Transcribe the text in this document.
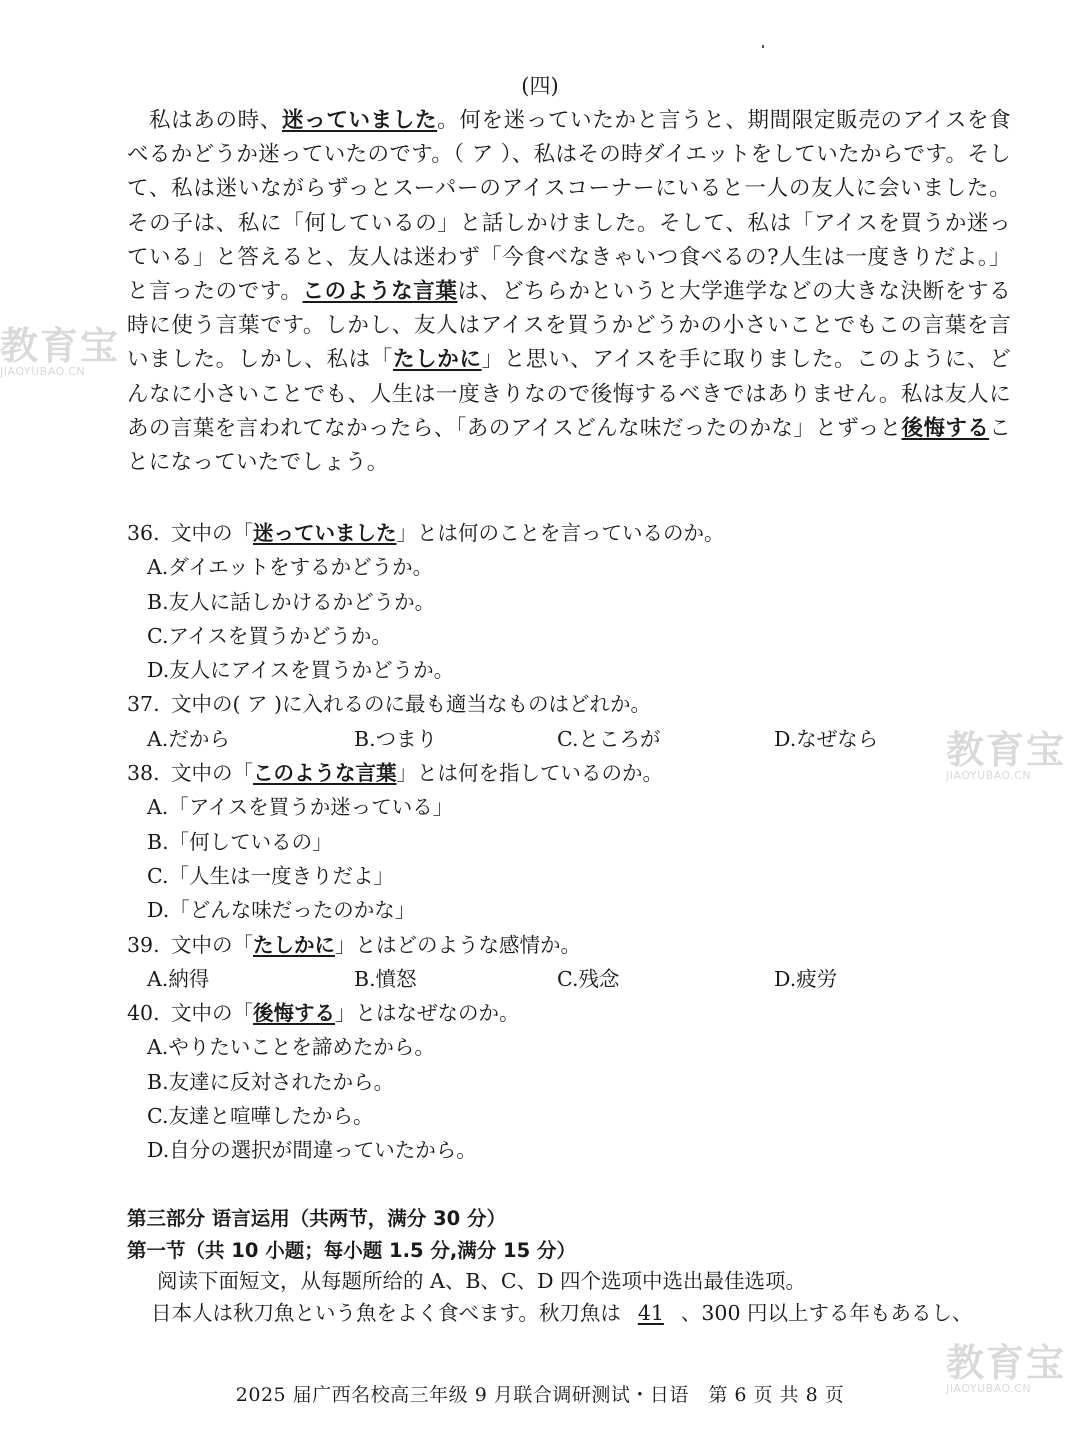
(四)
私はあの時、迷っていました。何を迷っていたかと言うと、期間限定販売のアイスを食べるかどうか迷っていたのです。（ ア ）、私はその時ダイエットをしていたからです。そして、私は迷いながらずっとスーパーのアイスコーナーにいると一人の友人に会いました。その子は、私に「何しているの」と話しかけました。そして、私は「アイスを買うか迷っている」と答えると、友人は迷わず「今食べなきゃいつ食べるの?人生は一度きりだよ。」と言ったのです。このような言葉は、どちらかというと大学進学などの大きな決断をする時に使う言葉です。しかし、友人はアイスを買うかどうかの小さいことでもこの言葉を言いました。しかし、私は「たしかに」と思い、アイスを手に取りました。このように、どんなに小さいことでも、人生は一度きりなので後悔するべきではありません。私は友人にあの言葉を言われてなかったら、「あのアイスどんな味だったのかな」とずっと後悔することになっていたでしょう。
36. 文中の「迷っていました」とは何のことを言っているのか。
A.ダイエットをするかどうか。
B.友人に話しかけるかどうか。
C.アイスを買うかどうか。
D.友人にアイスを買うかどうか。
37. 文中の( ア )に入れるのに最も適当なものはどれか。
A.だから	B.つまり	C.ところが	D.なぜなら
38. 文中の「このような言葉」とは何を指しているのか。
A.「アイスを買うか迷っている」
B.「何しているの」
C.「人生は一度きりだよ」
D.「どんな味だったのかな」
39. 文中の「たしかに」とはどのような感情か。
A.納得	B.憤怒	C.残念	D.疲労
40. 文中の「後悔する」とはなぜなのか。
A.やりたいことを諦めたから。
B.友達に反対されたから。
C.友達と喧嘩したから。
D.自分の選択が間違っていたから。
第三部分 语言运用（共两节，满分 30 分）
第一节（共 10 小题；每小题 1.5 分,满分 15 分）
阅读下面短文，从每题所给的 A、B、C、D 四个选项中选出最佳选项。
日本人は秋刀魚という魚をよく食べます。秋刀魚は 41 、300 円以上する年もあるし、
2025 届广西名校高三年级 9 月联合调研测试・日语　第 6 页 共 8 页
教育宝
JIAOYUBAO.CN
教育宝
JIAOYUBAO.CN
教育宝
JIAOYUBAO.CN
